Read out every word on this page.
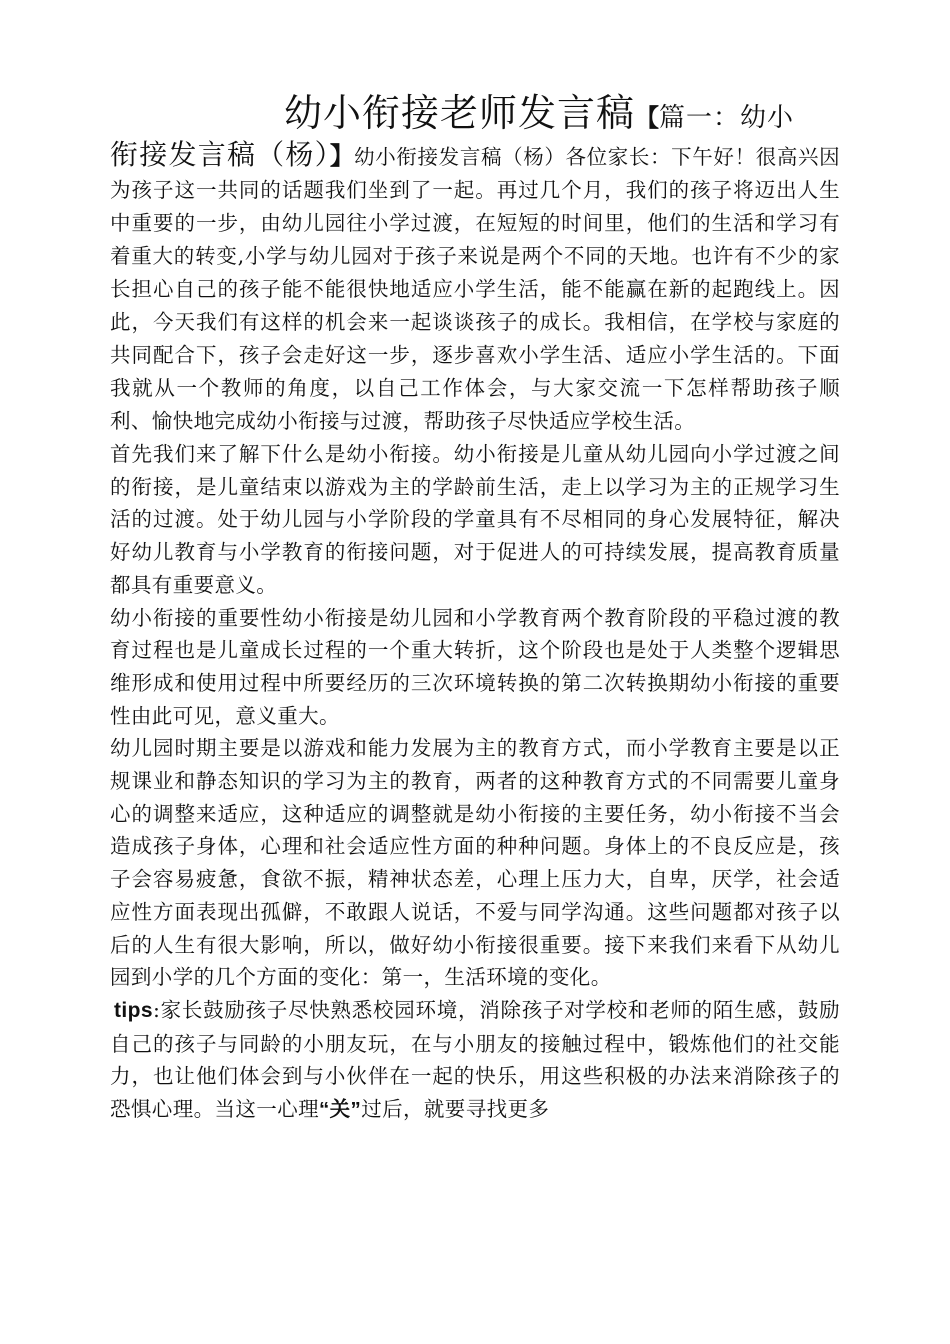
幼小衔接老师发言稿【篇一：幼小
衔接发言稿（杨）】幼小衔接发言稿（杨）各位家长：下午好！很高兴因为孩子这一共同的话题我们坐到了一起。再过几个月，我们的孩子将迈出人生中重要的一步，由幼儿园往小学过渡，在短短的时间里，他们的生活和学习有着重大的转变,小学与幼儿园对于孩子来说是两个不同的天地。也许有不少的家长担心自己的孩子能不能很快地适应小学生活，能不能赢在新的起跑线上。因此，今天我们有这样的机会来一起谈谈孩子的成长。我相信，在学校与家庭的共同配合下，孩子会走好这一步，逐步喜欢小学生活、适应小学生活的。下面我就从一个教师的角度，以自己工作体会，与大家交流一下怎样帮助孩子顺利、愉快地完成幼小衔接与过渡，帮助孩子尽快适应学校生活。

首先我们来了解下什么是幼小衔接。幼小衔接是儿童从幼儿园向小学过渡之间的衔接，是儿童结束以游戏为主的学龄前生活，走上以学习为主的正规学习生活的过渡。处于幼儿园与小学阶段的学童具有不尽相同的身心发展特征，解决好幼儿教育与小学教育的衔接问题，对于促进人的可持续发展，提高教育质量都具有重要意义。

幼小衔接的重要性幼小衔接是幼儿园和小学教育两个教育阶段的平稳过渡的教育过程也是儿童成长过程的一个重大转折，这个阶段也是处于人类整个逻辑思维形成和使用过程中所要经历的三次环境转换的第二次转换期幼小衔接的重要性由此可见，意义重大。

幼儿园时期主要是以游戏和能力发展为主的教育方式，而小学教育主要是以正规课业和静态知识的学习为主的教育，两者的这种教育方式的不同需要儿童身心的调整来适应，这种适应的调整就是幼小衔接的主要任务，幼小衔接不当会造成孩子身体，心理和社会适应性方面的种种问题。身体上的不良反应是，孩子会容易疲惫，食欲不振，精神状态差，心理上压力大，自卑，厌学，社会适应性方面表现出孤僻，不敢跟人说话，不爱与同学沟通。这些问题都对孩子以后的人生有很大影响，所以，做好幼小衔接很重要。接下来我们来看下从幼儿园到小学的几个方面的变化：第一，生活环境的变化。

tips:家长鼓励孩子尽快熟悉校园环境，消除孩子对学校和老师的陌生感，鼓励自己的孩子与同龄的小朋友玩，在与小朋友的接触过程中，锻炼他们的社交能力，也让他们体会到与小伙伴在一起的快乐，用这些积极的办法来消除孩子的恐惧心理。当这一心理“关”过后，就要寻找更多
